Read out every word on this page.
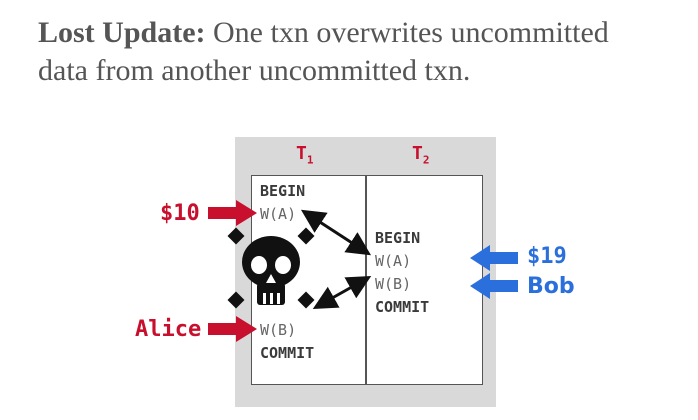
Lost Update: One txn overwrites uncommitted
data from another uncommitted txn.
$T_1$	$T_2$
BEGIN
W(A)
W(B)
COMMIT
BEGIN
W(A)
W(B)
COMMIT
$10
Alice
$19
Bob
